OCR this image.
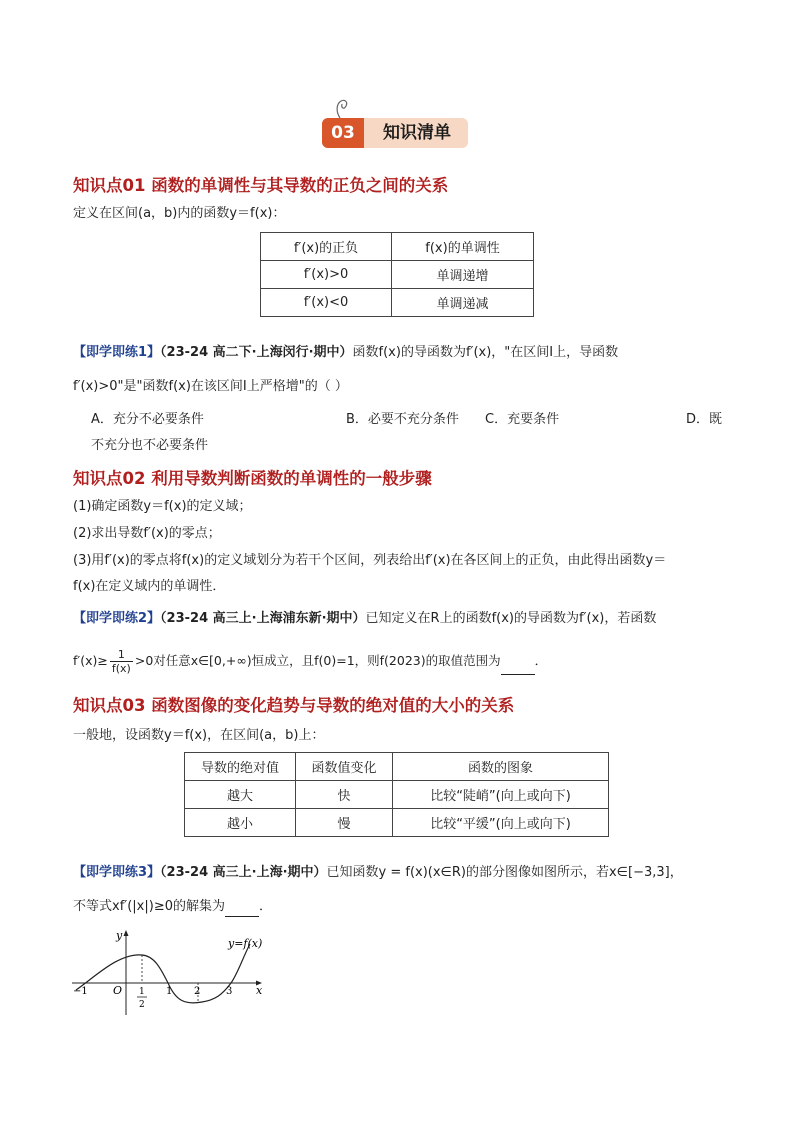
03	知识清单
知识点01 函数的单调性与其导数的正负之间的关系
定义在区间(a，b)内的函数y＝f(x)：
f′(x)的正负	f(x)的单调性
f′(x)>0	单调递增
f′(x)<0	单调递减
【即学即练1】（23-24 高二下·上海闵行·期中）函数f(x)的导函数为f′(x)，"在区间I上，导函数
f′(x)>0"是"函数f(x)在该区间I上严格增"的（ ）
A．充分不必要条件	B．必要不充分条件 C．充要条件	D．既
不充分也不必要条件
知识点02 利用导数判断函数的单调性的一般步骤
(1)确定函数y＝f(x)的定义域；
(2)求出导数f′(x)的零点；
(3)用f′(x)的零点将f(x)的定义域划分为若干个区间，列表给出f′(x)在各区间上的正负，由此得出函数y＝
f(x)在定义域内的单调性．
【即学即练2】（23-24 高三上·上海浦东新·期中）已知定义在R上的函数f(x)的导函数为f′(x)，若函数
$f'(x)\ge \frac{1}{f(x)} >0$对任意x∈[0,+∞)恒成立，且f(0)=1，则f(2023)的取值范围为	．
知识点03 函数图像的变化趋势与导数的绝对值的大小的关系
一般地，设函数y＝f(x)，在区间(a，b)上：
导数的绝对值	函数值变化	函数的图象
越大	快	比较“陡峭”(向上或向下)
越小	慢	比较“平缓”(向上或向下)
【即学即练3】（23-24 高三上·上海·期中）已知函数y = f(x)(x∈R)的部分图像如图所示，若x∈[−3,3]，
不等式xf′(|x|)≥0的解集为	．
y
x
y=f(x)
O
−1	1 2	3
1
2
